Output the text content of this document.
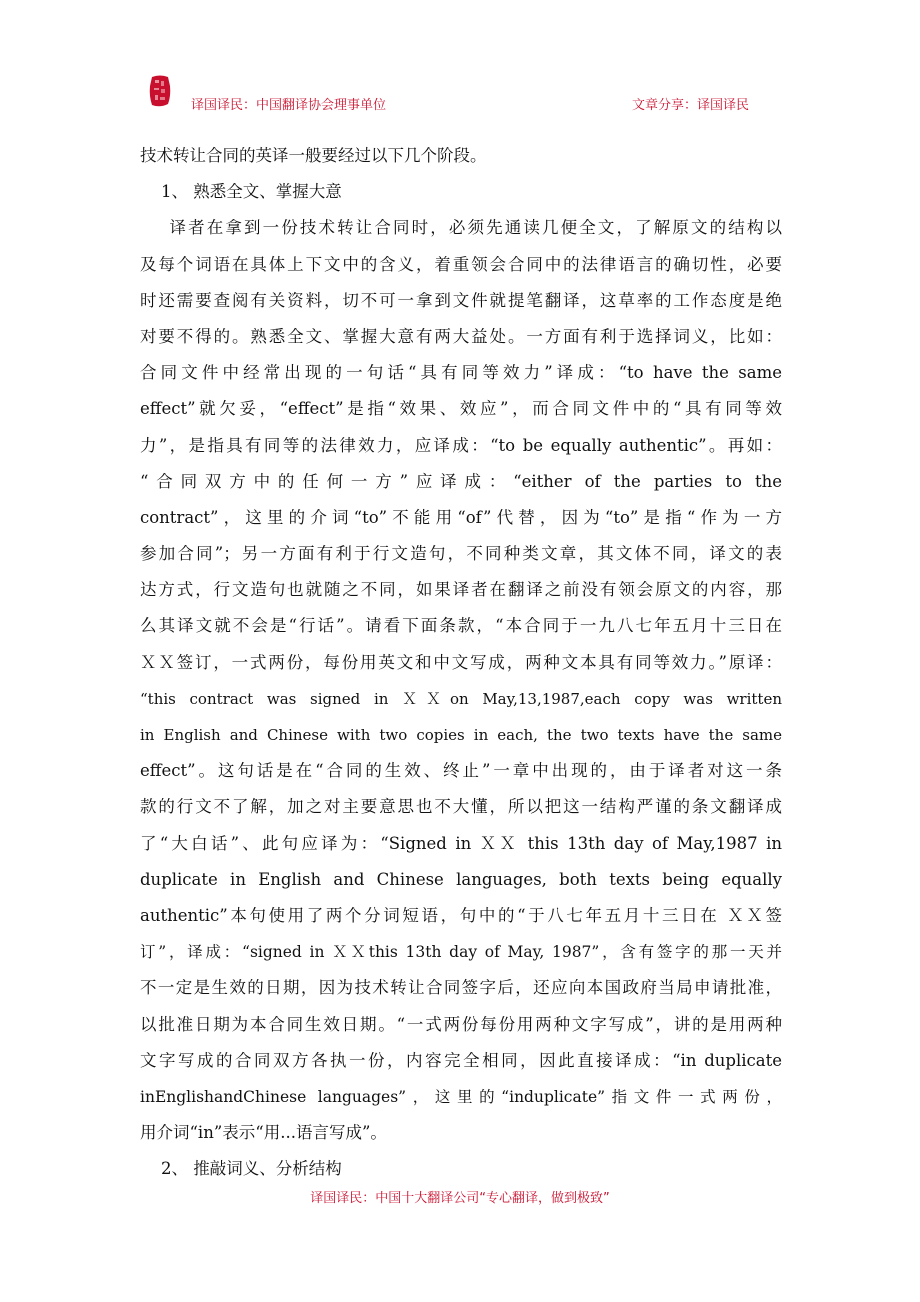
译国译民：中国翻译协会理事单位	文章分享：译国译民
技术转让合同的英译一般要经过以下几个阶段。
1、 熟悉全文、掌握大意
译者在拿到一份技术转让合同时，必须先通读几便全文，了解原文的结构以
及每个词语在具体上下文中的含义，着重领会合同中的法律语言的确切性，必要
时还需要查阅有关资料，切不可一拿到文件就提笔翻译，这草率的工作态度是绝
对要不得的。熟悉全文、掌握大意有两大益处。一方面有利于选择词义，比如：
合同文件中经常出现的一句话“具有同等效力”译成：“to have the same
effect”就欠妥，“effect”是指“效果、效应”，而合同文件中的“具有同等效
力”，是指具有同等的法律效力，应译成：“to be equally authentic”。再如：
“合同双方中的任何一方”应译成：“either of the parties to the
contract”，这里的介词“to”不能用“of”代替，因为“to”是指“作为一方
参加合同”；另一方面有利于行文造句，不同种类文章，其文体不同，译文的表
达方式，行文造句也就随之不同，如果译者在翻译之前没有领会原文的内容，那
么其译文就不会是“行话”。请看下面条款，“本合同于一九八七年五月十三日在
ＸＸ签订，一式两份，每份用英文和中文写成，两种文本具有同等效力。”原译：
“this contract was signed in ＸＸon May,13,1987,each copy was written
in English and Chinese with two copies in each, the two texts have the same
effect”。这句话是在“合同的生效、终止”一章中出现的，由于译者对这一条
款的行文不了解，加之对主要意思也不大懂，所以把这一结构严谨的条文翻译成
了“大白话”、此句应译为：“Signed in ＸＸ this 13th day of May,1987 in
duplicate in English and Chinese languages, both texts being equally
authentic”本句使用了两个分词短语，句中的“于八七年五月十三日在 ＸＸ签
订”，译成：“signed in ＸＸthis 13th day of May, 1987”，含有签字的那一天并
不一定是生效的日期，因为技术转让合同签字后，还应向本国政府当局申请批准，
以批准日期为本合同生效日期。“一式两份每份用两种文字写成”，讲的是用两种
文字写成的合同双方各执一份，内容完全相同，因此直接译成：“in duplicate
inEnglishandChinese languages”，这里的“induplicate”指文件一式两份，
用介词“in”表示“用...语言写成”。
2、 推敲词义、分析结构
译国译民：中国十大翻译公司“专心翻译，做到极致”
